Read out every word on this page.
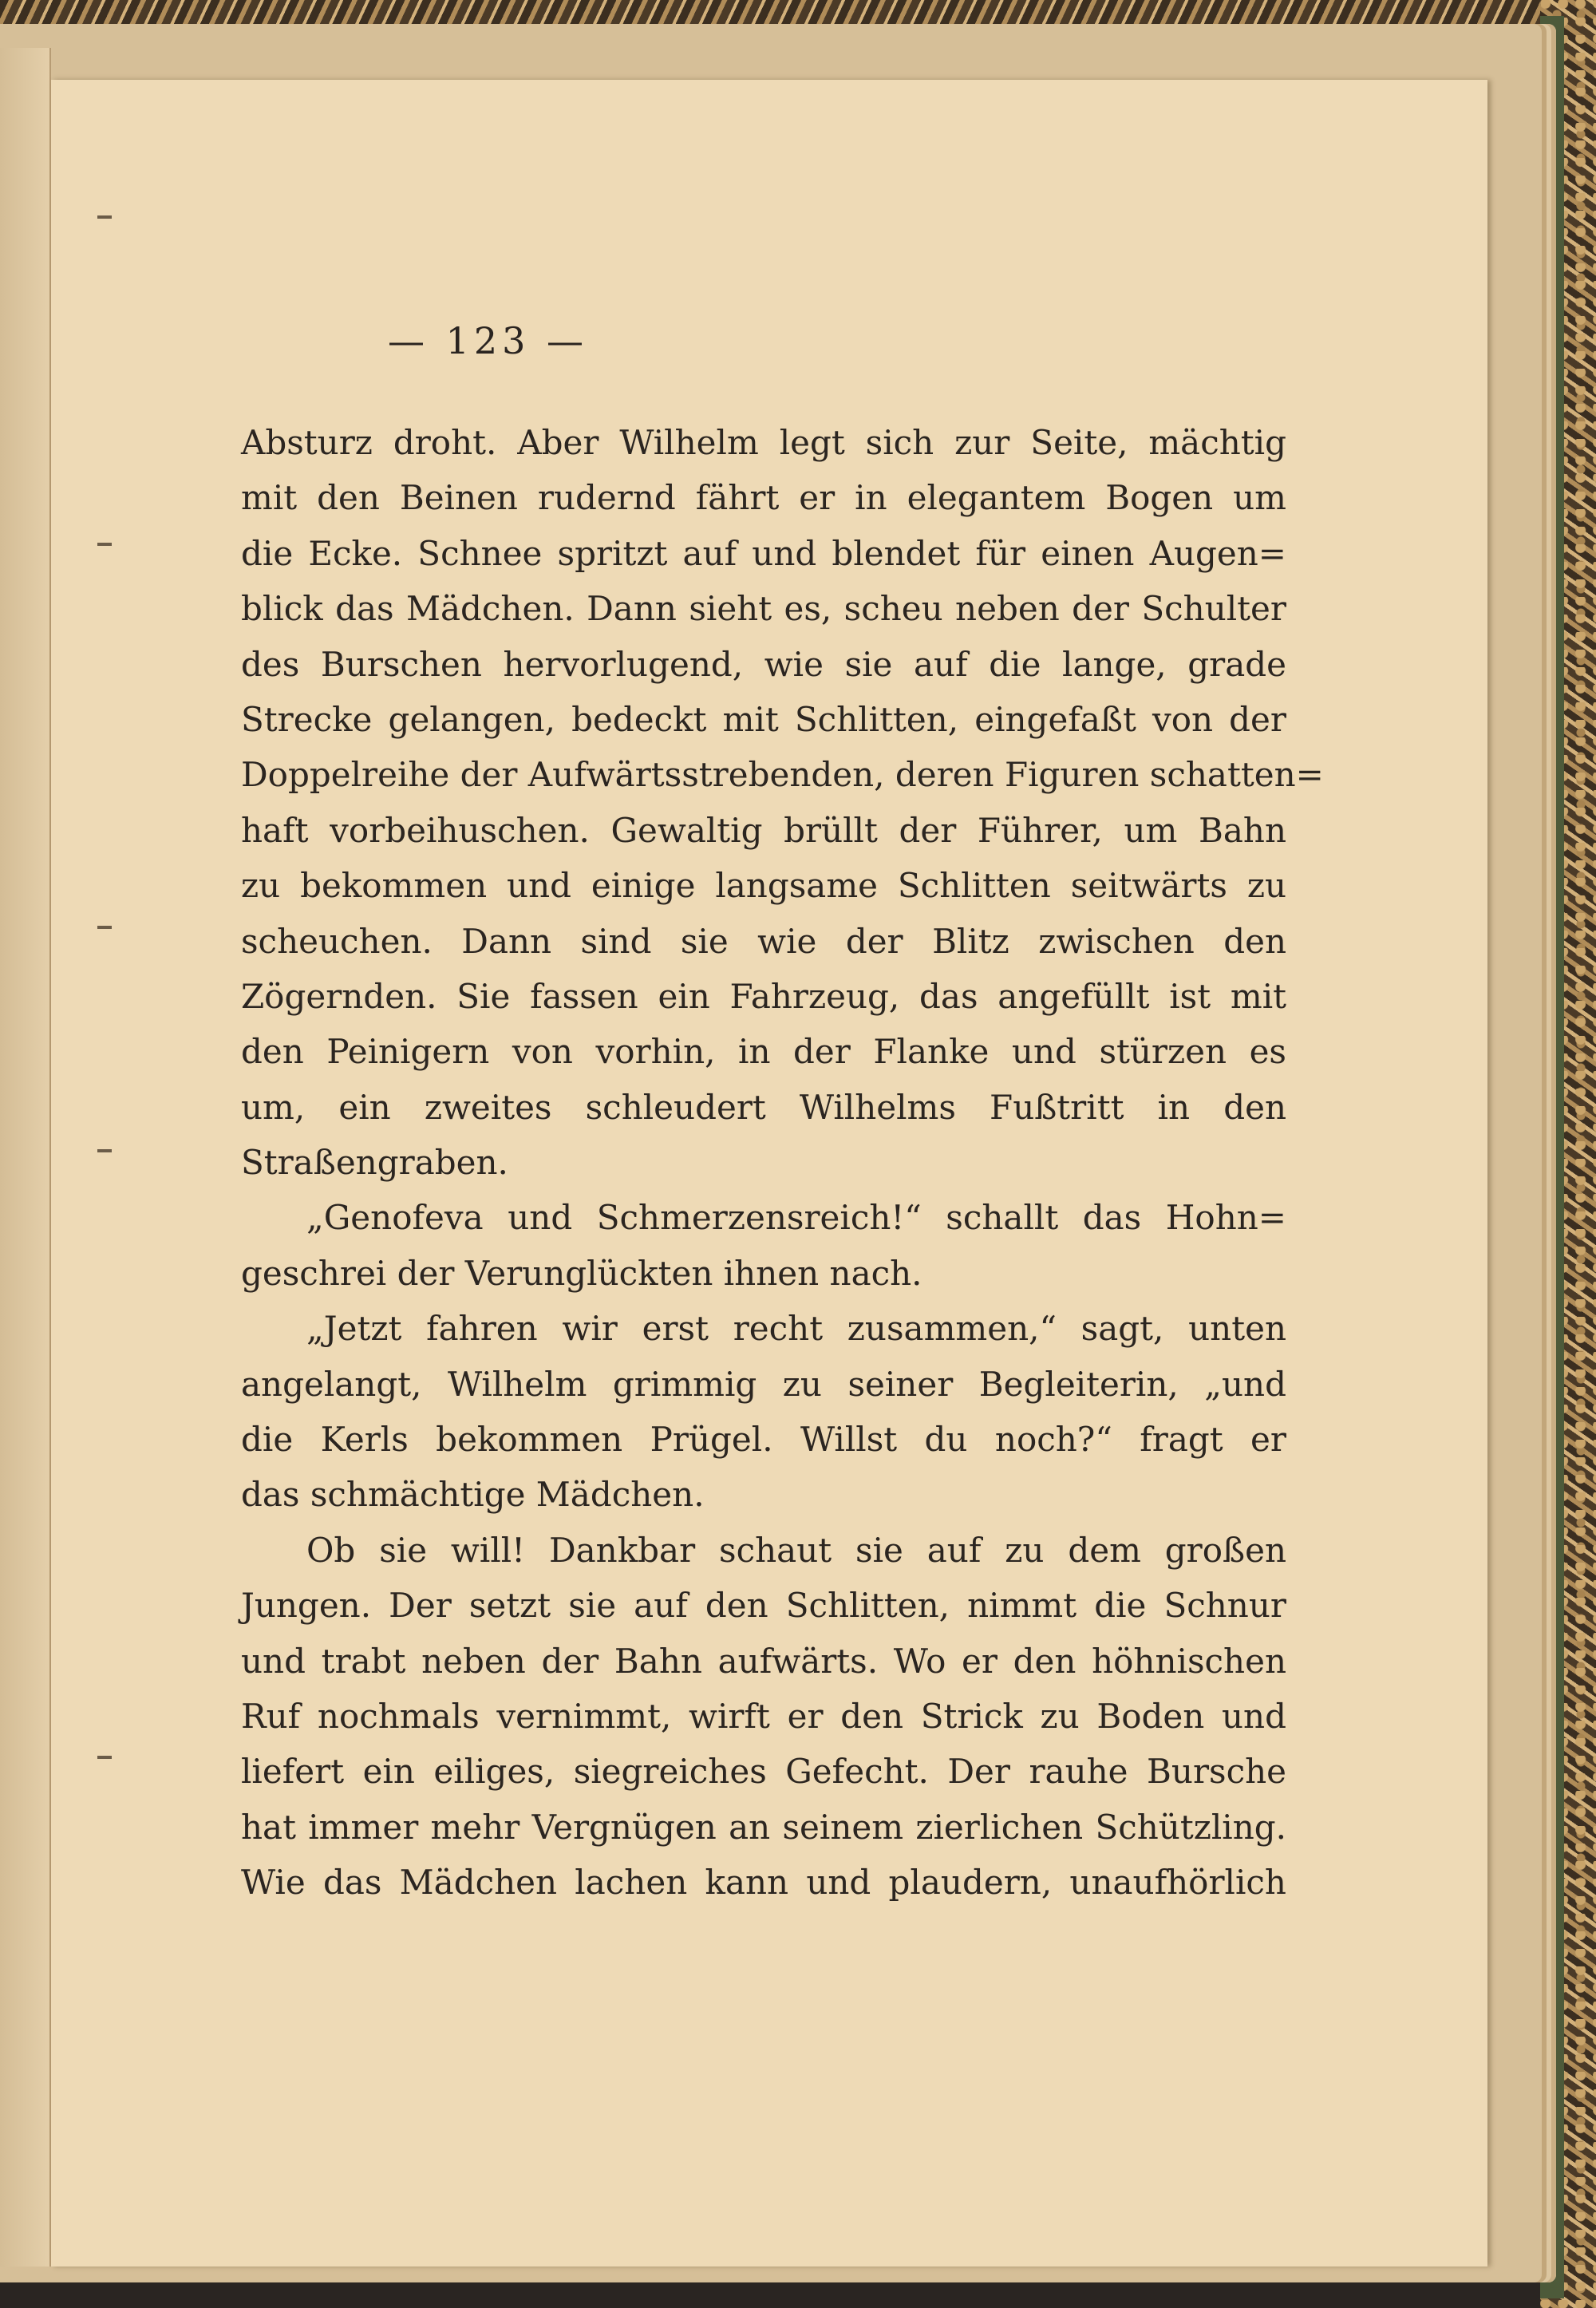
— 123 —
Absturz droht. Aber Wilhelm legt sich zur Seite, mächtig
mit den Beinen rudernd fährt er in elegantem Bogen um
die Ecke. Schnee spritzt auf und blendet für einen Augen=
blick das Mädchen. Dann sieht es, scheu neben der Schulter
des Burschen hervorlugend, wie sie auf die lange, grade
Strecke gelangen, bedeckt mit Schlitten, eingefaßt von der
Doppelreihe der Aufwärtsstrebenden, deren Figuren schatten=
haft vorbeihuschen. Gewaltig brüllt der Führer, um Bahn
zu bekommen und einige langsame Schlitten seitwärts zu
scheuchen. Dann sind sie wie der Blitz zwischen den
Zögernden. Sie fassen ein Fahrzeug, das angefüllt ist mit
den Peinigern von vorhin, in der Flanke und stürzen es
um, ein zweites schleudert Wilhelms Fußtritt in den
Straßengraben.
„Genofeva und Schmerzensreich!“ schallt das Hohn=
geschrei der Verunglückten ihnen nach.
„Jetzt fahren wir erst recht zusammen,“ sagt, unten
angelangt, Wilhelm grimmig zu seiner Begleiterin, „und
die Kerls bekommen Prügel. Willst du noch?“ fragt er
das schmächtige Mädchen.
Ob sie will! Dankbar schaut sie auf zu dem großen
Jungen. Der setzt sie auf den Schlitten, nimmt die Schnur
und trabt neben der Bahn aufwärts. Wo er den höhnischen
Ruf nochmals vernimmt, wirft er den Strick zu Boden und
liefert ein eiliges, siegreiches Gefecht. Der rauhe Bursche
hat immer mehr Vergnügen an seinem zierlichen Schützling.
Wie das Mädchen lachen kann und plaudern, unaufhörlich
